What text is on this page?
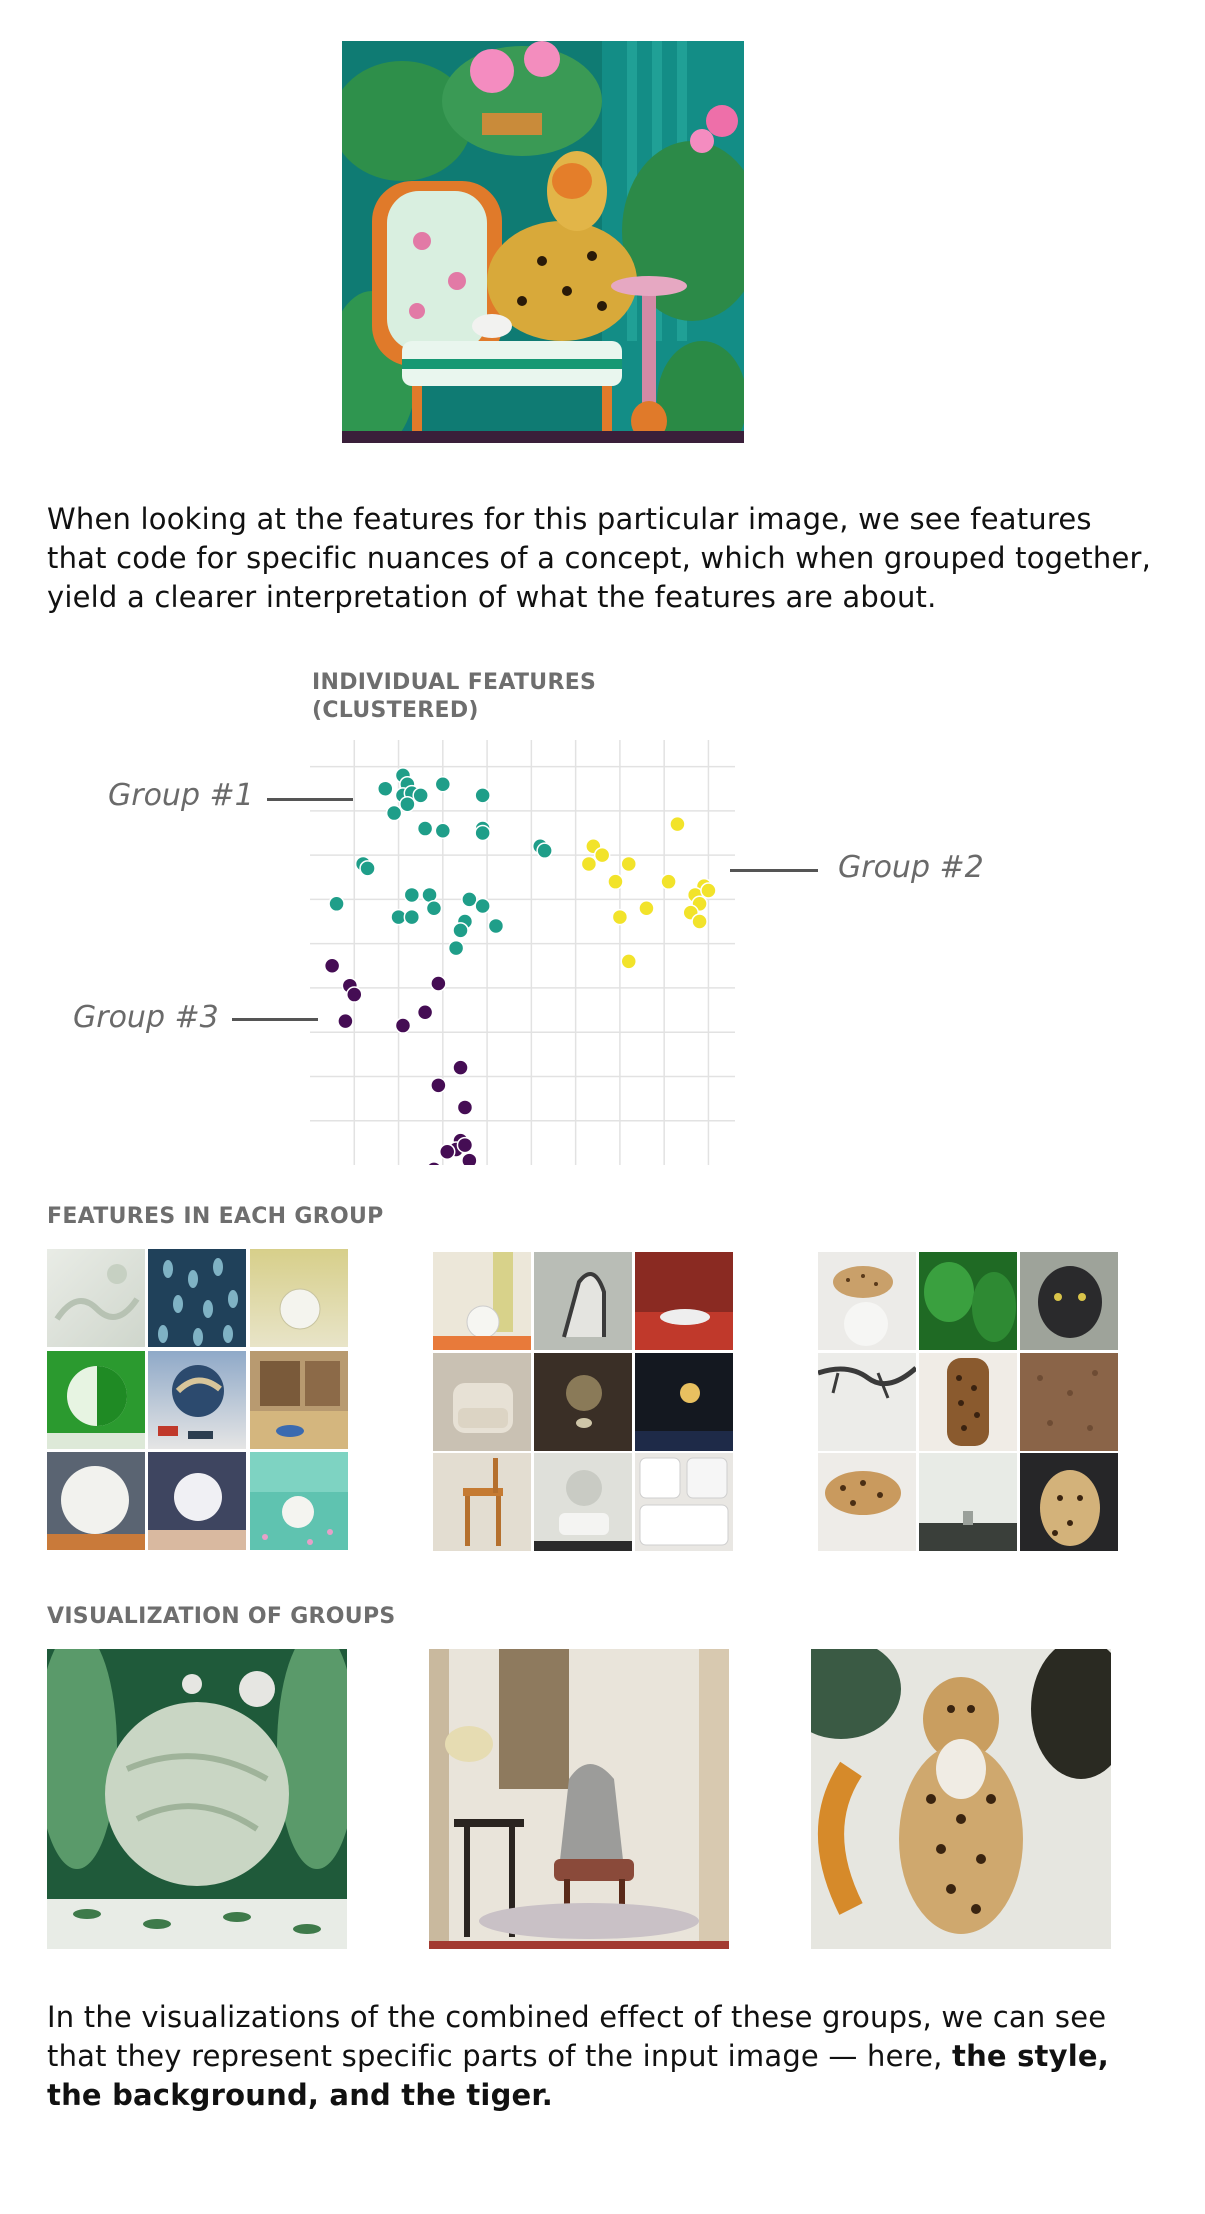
When looking at the features for this particular image, we see features that code for specific nuances of a concept, which when grouped together, yield a clearer interpretation of what the features are about.
INDIVIDUAL FEATURES
(CLUSTERED)
Group #1
Group #2
Group #3
FEATURES IN EACH GROUP
VISUALIZATION OF GROUPS
In the visualizations of the combined effect of these groups, we can see that they represent specific parts of the input image — here, the style, the background, and the tiger.
